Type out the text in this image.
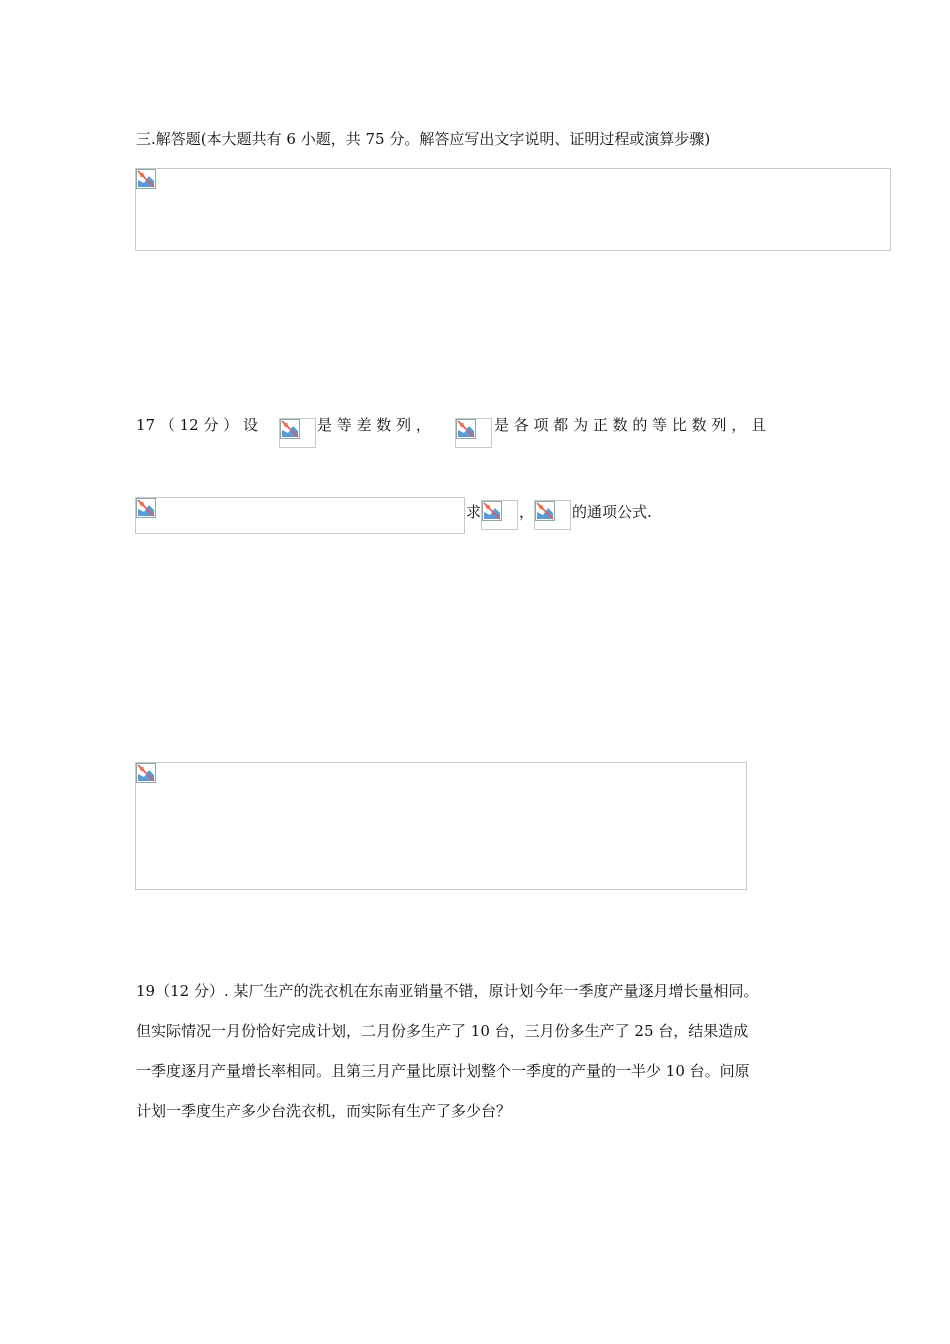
三.解答题(本大题共有 6 小题，共 75 分。解答应写出文字说明、证明过程或演算步骤)
17 （ 12 分 ） 设	是 等 差 数 列 ，	是 各 项 都 为 正 数 的 等 比 数 列 ， 且
求	，	的通项公式.
19（12 分）. 某厂生产的洗衣机在东南亚销量不错，原计划今年一季度产量逐月增长量相同。
但实际情况一月份恰好完成计划，二月份多生产了 10 台，三月份多生产了 25 台，结果造成
一季度逐月产量增长率相同。且第三月产量比原计划整个一季度的产量的一半少 10 台。问原
计划一季度生产多少台洗衣机，而实际有生产了多少台？
